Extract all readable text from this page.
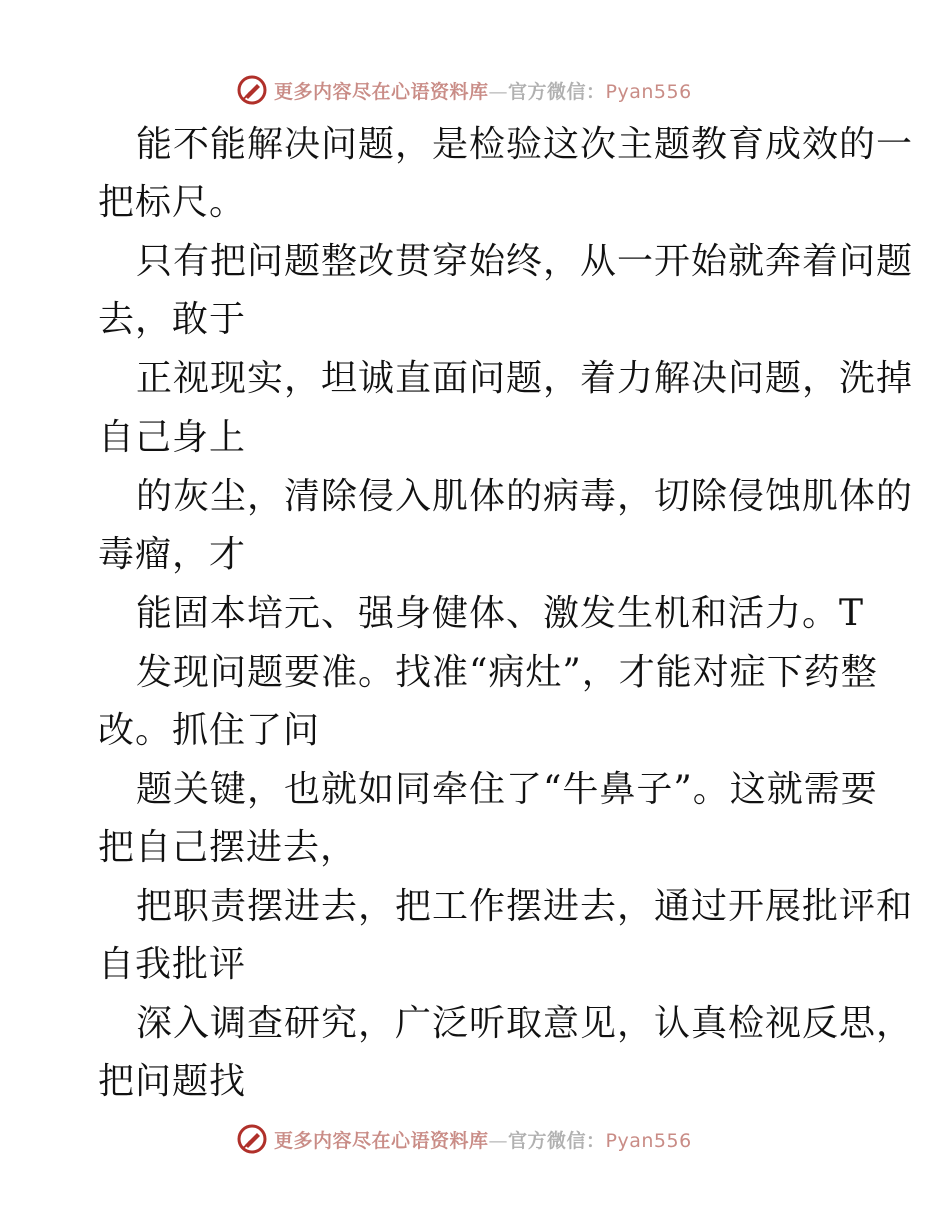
更多内容尽在心语资料库—官方微信：Pyan556
能不能解决问题，是检验这次主题教育成效的一
把标尺。
只有把问题整改贯穿始终，从一开始就奔着问题
去，敢于
正视现实，坦诚直面问题，着力解决问题，洗掉
自己身上
的灰尘，清除侵入肌体的病毒，切除侵蚀肌体的
毒瘤，才
能固本培元、强身健体、激发生机和活力。T
发现问题要准。找准“病灶”，才能对症下药整
改。抓住了问
题关键，也就如同牵住了“牛鼻子”。这就需要
把自己摆进去，
把职责摆进去，把工作摆进去，通过开展批评和
自我批评
深入调查研究，广泛听取意见，认真检视反思，
把问题找
更多内容尽在心语资料库—官方微信：Pyan556
